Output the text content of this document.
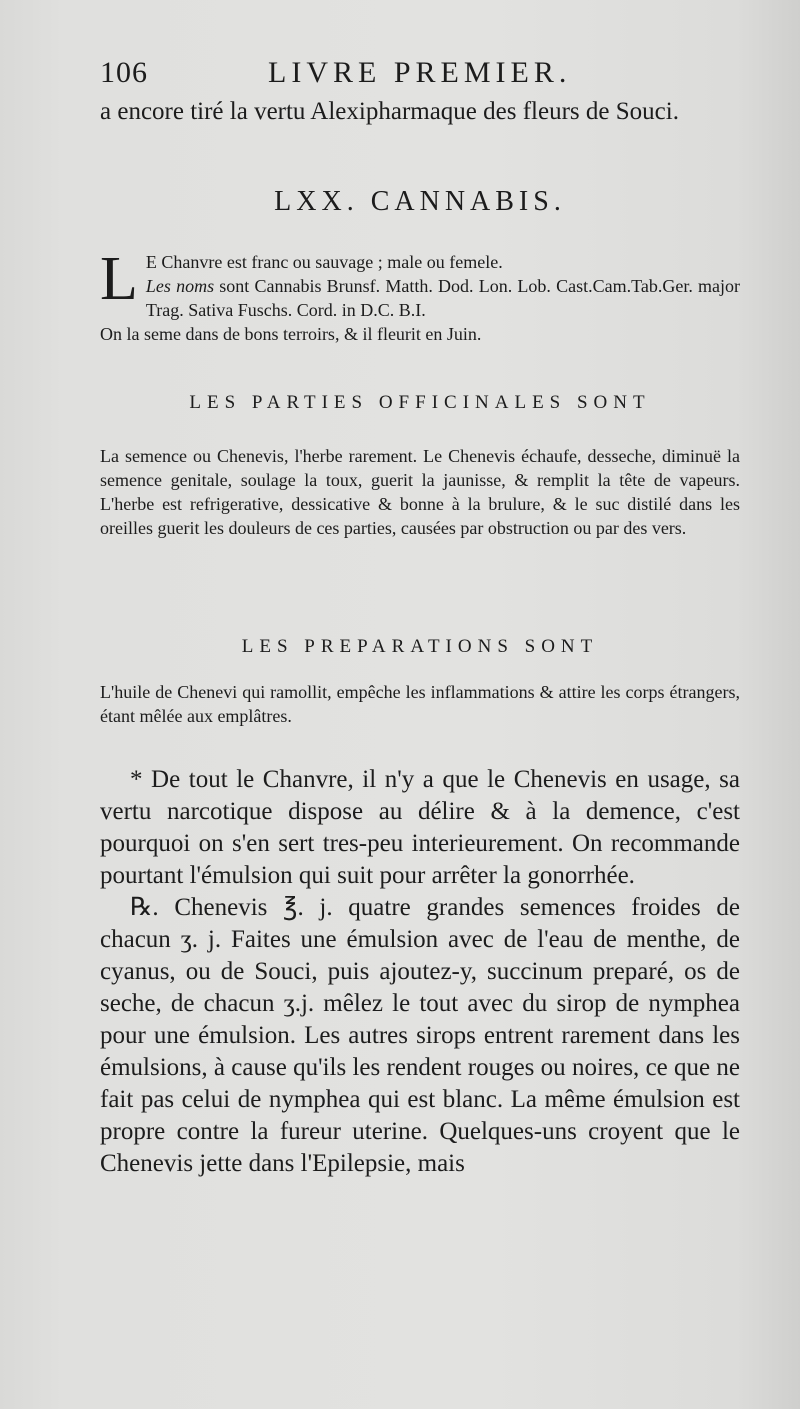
106	LIVRE PREMIER.
a encore tiré la vertu Alexipharmaque des fleurs de Souci.
LXX. CANNABIS.
L E Chanvre est franc ou sauvage ; male ou femele.
Les noms sont Cannabis Brunsf. Matth. Dod. Lon. Lob. Cast.Cam.Tab.Ger. major Trag. Sativa Fuschs. Cord. in D.C. B.I.
On la seme dans de bons terroirs, & il fleurit en Juin.
LES PARTIES OFFICINALES SONT
La semence ou Chenevis, l'herbe rarement. Le Chenevis échaufe, desseche, diminuë la semence genitale, soulage la toux, guerit la jaunisse, & remplit la tête de vapeurs. L'herbe est refrigerative, dessicative & bonne à la brulure, & le suc distilé dans les oreilles guerit les douleurs de ces parties, causées par obstruction ou par des vers.
LES PREPARATIONS SONT
L'huile de Chenevi qui ramollit, empêche les inflammations & attire les corps étrangers, étant mêlée aux emplâtres.
* De tout le Chanvre, il n'y a que le Chenevis en usage, sa vertu narcotique dispose au délire & à la demence, c'est pourquoi on s'en sert tres-peu interieurement. On recommande pourtant l'émulsion qui suit pour arrêter la gonorrhée.
℞. Chenevis ℥. j. quatre grandes semences froides de chacun ʒ. j. Faites une émulsion avec de l'eau de menthe, de cyanus, ou de Souci, puis ajoutez-y, succinum preparé, os de seche, de chacun ʒ.j. mêlez le tout avec du sirop de nymphea pour une émulsion. Les autres sirops entrent rarement dans les émulsions, à cause qu'ils les rendent rouges ou noires, ce que ne fait pas celui de nymphea qui est blanc. La même émulsion est propre contre la fureur uterine. Quelques-uns croyent que le Chenevis jette dans l'Epilepsie, mais
